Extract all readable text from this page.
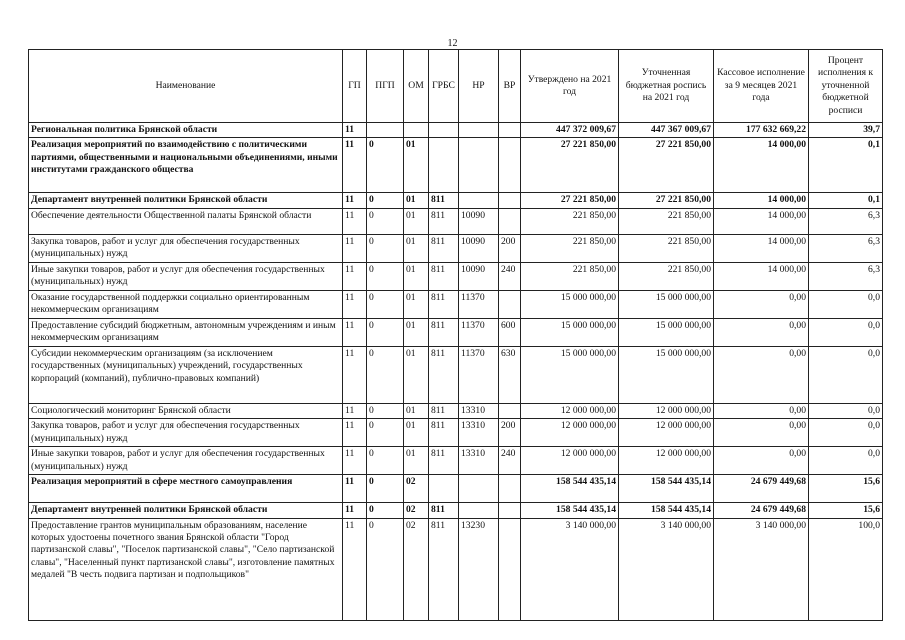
12
Наименование	ГП	ПГП	ОМ	ГРБС	НР	ВР	Утверждено на 2021 год	Уточненная бюджетная роспись на 2021 год	Кассовое исполнение за 9 месяцев 2021 года	Процент исполнения к уточненной бюджетной росписи
Региональная политика Брянской области	11						447 372 009,67	447 367 009,67	177 632 669,22	39,7
Реализация мероприятий по взаимодействию с политическими партиями, общественными и национальными объединениями, иными институтами гражданского общества	11	0	01				27 221 850,00	27 221 850,00	14 000,00	0,1
Департамент внутренней политики Брянской области	11	0	01	811			27 221 850,00	27 221 850,00	14 000,00	0,1
Обеспечение деятельности Общественной палаты Брянской области	11	0	01	811	10090		221 850,00	221 850,00	14 000,00	6,3
Закупка товаров, работ и услуг для обеспечения государственных (муниципальных) нужд	11	0	01	811	10090	200	221 850,00	221 850,00	14 000,00	6,3
Иные закупки товаров, работ и услуг для обеспечения государственных (муниципальных) нужд	11	0	01	811	10090	240	221 850,00	221 850,00	14 000,00	6,3
Оказание государственной поддержки социально ориентированным некоммерческим организациям	11	0	01	811	11370		15 000 000,00	15 000 000,00	0,00	0,0
Предоставление субсидий бюджетным, автономным учреждениям и иным некоммерческим организациям	11	0	01	811	11370	600	15 000 000,00	15 000 000,00	0,00	0,0
Субсидии некоммерческим организациям (за исключением государственных (муниципальных) учреждений, государственных корпораций (компаний), публично-правовых компаний)	11	0	01	811	11370	630	15 000 000,00	15 000 000,00	0,00	0,0
Социологический мониторинг Брянской области	11	0	01	811	13310		12 000 000,00	12 000 000,00	0,00	0,0
Закупка товаров, работ и услуг для обеспечения государственных (муниципальных) нужд	11	0	01	811	13310	200	12 000 000,00	12 000 000,00	0,00	0,0
Иные закупки товаров, работ и услуг для обеспечения государственных (муниципальных) нужд	11	0	01	811	13310	240	12 000 000,00	12 000 000,00	0,00	0,0
Реализация мероприятий в сфере местного самоуправления	11	0	02				158 544 435,14	158 544 435,14	24 679 449,68	15,6
Департамент внутренней политики Брянской области	11	0	02	811			158 544 435,14	158 544 435,14	24 679 449,68	15,6
Предоставление грантов муниципальным образованиям, население которых удостоены почетного звания Брянской области "Город партизанской славы", "Поселок партизанской славы", "Село партизанской славы", "Населенный пункт партизанской славы", изготовление памятных медалей "В честь подвига партизан и подпольщиков"	11	0	02	811	13230		3 140 000,00	3 140 000,00	3 140 000,00	100,0
